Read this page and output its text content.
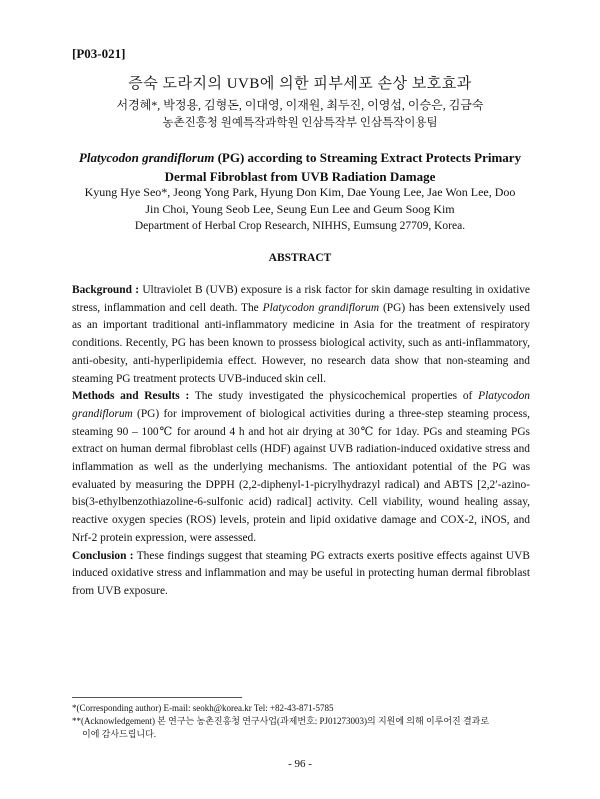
[P03-021]
증숙 도라지의 UVB에 의한 피부세포 손상 보호효과
서경혜*, 박정용, 김형돈, 이대영, 이재원, 최두진, 이영섭, 이승은, 김금숙
농촌진흥청 원예특작과학원 인삼특작부 인삼특작이용팀
Platycodon grandiflorum (PG) according to Streaming Extract Protects Primary
Dermal Fibroblast from UVB Radiation Damage
Kyung Hye Seo*, Jeong Yong Park, Hyung Don Kim, Dae Young Lee, Jae Won Lee, Doo
Jin Choi, Young Seob Lee, Seung Eun Lee and Geum Soog Kim
Department of Herbal Crop Research, NIHHS, Eumsung 27709, Korea.
ABSTRACT

Background : Ultraviolet B (UVB) exposure is a risk factor for skin damage resulting in oxidative stress, inflammation and cell death. The Platycodon grandiflorum (PG) has been extensively used as an important traditional anti-inflammatory medicine in Asia for the treatment of respiratory conditions. Recently, PG has been known to prossess biological activity, such as anti-inflammatory, anti-obesity, anti-hyperlipidemia effect. However, no research data show that non-steaming and steaming PG treatment protects UVB-induced skin cell.

Methods and Results : The study investigated the physicochemical properties of Platycodon grandiflorum (PG) for improvement of biological activities during a three-step steaming process, steaming 90 – 100℃ for around 4 h and hot air drying at 30℃ for 1day. PGs and steaming PGs extract on human dermal fibroblast cells (HDF) against UVB radiation-induced oxidative stress and inflammation as well as the underlying mechanisms. The antioxidant potential of the PG was evaluated by measuring the DPPH (2,2-diphenyl-1-picrylhydrazyl radical) and ABTS [2,2′-azino-bis(3-ethylbenzothiazoline-6-sulfonic acid) radical] activity. Cell viability, wound healing assay, reactive oxygen species (ROS) levels, protein and lipid oxidative damage and COX-2, iNOS, and Nrf-2 protein expression, were assessed.

Conclusion : These findings suggest that steaming PG extracts exerts positive effects against UVB induced oxidative stress and inflammation and may be useful in protecting human dermal fibroblast from UVB exposure.

*(Corresponding author) E-mail: seokh@korea.kr Tel: +82-43-871-5785
**(Acknowledgement) 본 연구는 농촌진흥청 연구사업(과제번호: PJ01273003)의 지원에 의해 이루어진 결과로
이에 감사드립니다.
- 96 -
